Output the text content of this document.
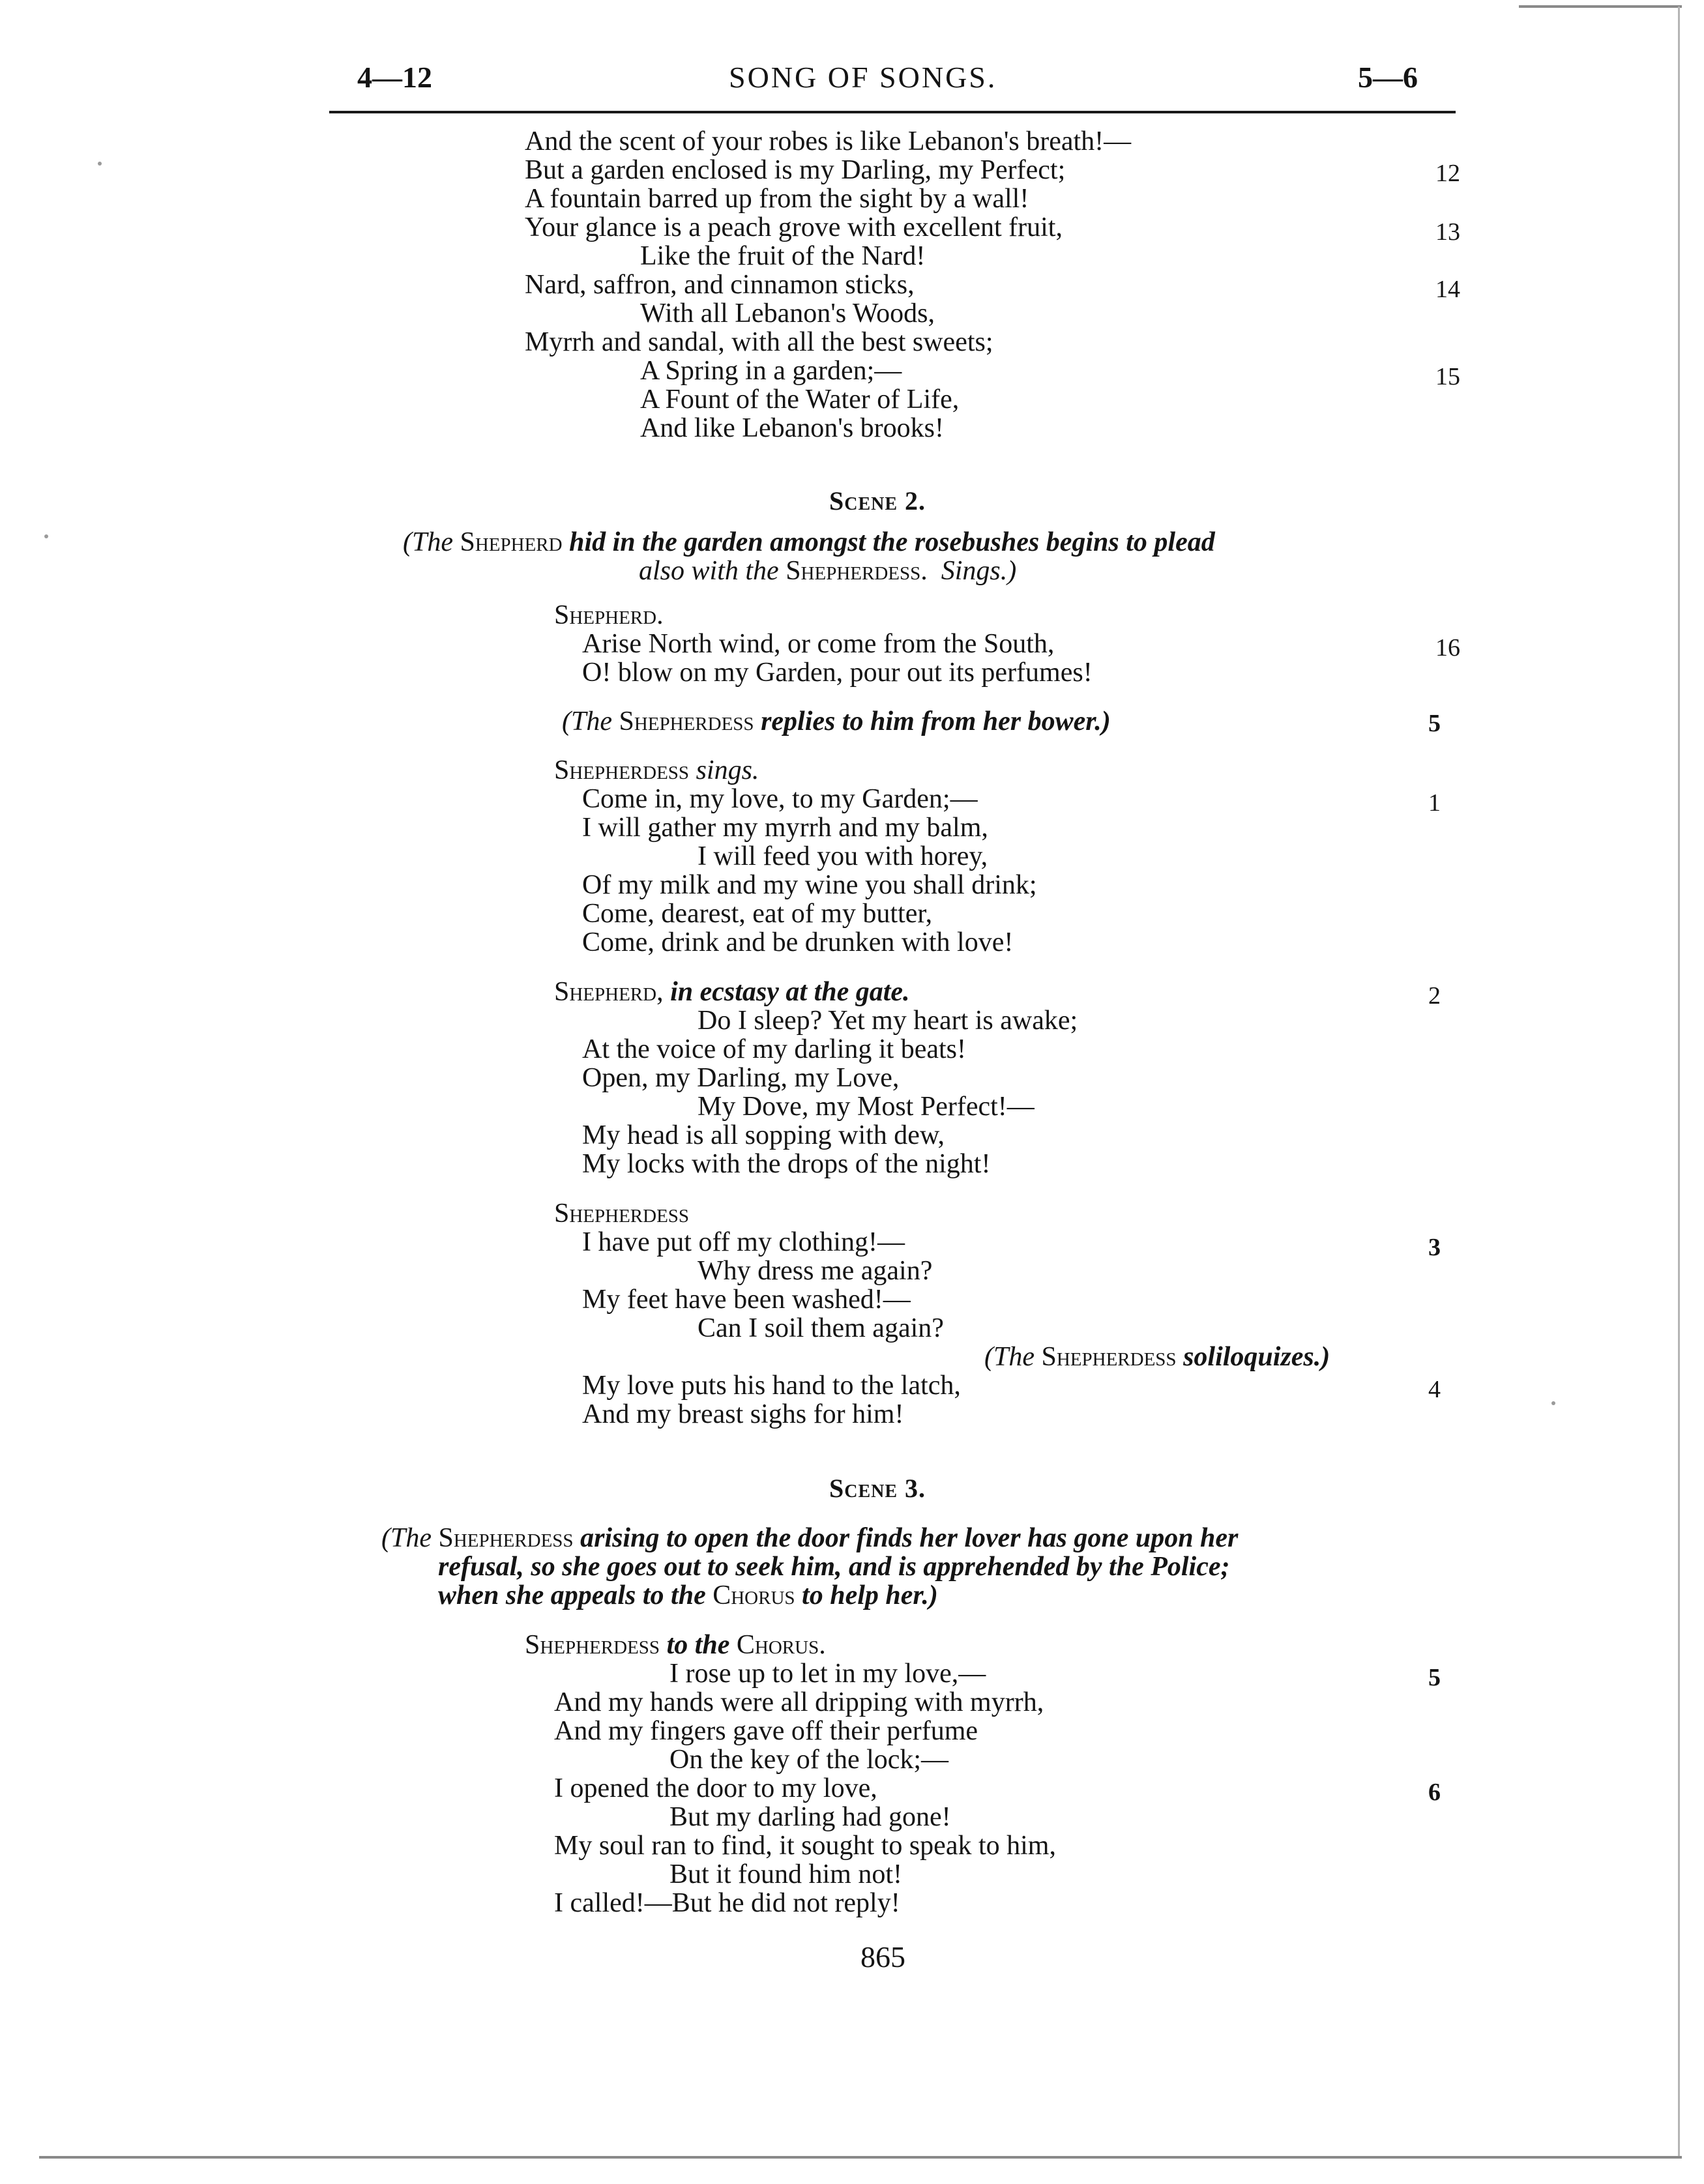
4—12	SONG OF SONGS.	5—6
And the scent of your robes is like Lebanon's breath!—
But a garden enclosed is my Darling, my Perfect;	12
A fountain barred up from the sight by a wall!
Your glance is a peach grove with excellent fruit,	13
Like the fruit of the Nard!
Nard, saffron, and cinnamon sticks,	14
With all Lebanon's Woods,
Myrrh and sandal, with all the best sweets;
A Spring in a garden;—	15
A Fount of the Water of Life,
And like Lebanon's brooks!
Scene 2.
(The Shepherd hid in the garden amongst the rosebushes begins to plead
also with the Shepherdess. Sings.)
Shepherd.
Arise North wind, or come from the South,	16
O! blow on my Garden, pour out its perfumes!
(The Shepherdess replies to him from her bower.)	5
Shepherdess sings.
Come in, my love, to my Garden;—	1
I will gather my myrrh and my balm,
I will feed you with horey,
Of my milk and my wine you shall drink;
Come, dearest, eat of my butter,
Come, drink and be drunken with love!
Shepherd, in ecstasy at the gate.	2
Do I sleep? Yet my heart is awake;
At the voice of my darling it beats!
Open, my Darling, my Love,
My Dove, my Most Perfect!—
My head is all sopping with dew,
My locks with the drops of the night!
Shepherdess
I have put off my clothing!—	3
Why dress me again?
My feet have been washed!—
Can I soil them again?
(The Shepherdess soliloquizes.)
My love puts his hand to the latch,	4
And my breast sighs for him!
Scene 3.
(The Shepherdess arising to open the door finds her lover has gone upon her
refusal, so she goes out to seek him, and is apprehended by the Police;
when she appeals to the Chorus to help her.)
Shepherdess to the Chorus.
I rose up to let in my love,—	5
And my hands were all dripping with myrrh,
And my fingers gave off their perfume
On the key of the lock;—
I opened the door to my love,	6
But my darling had gone!
My soul ran to find, it sought to speak to him,
But it found him not!
I called!—But he did not reply!
865
